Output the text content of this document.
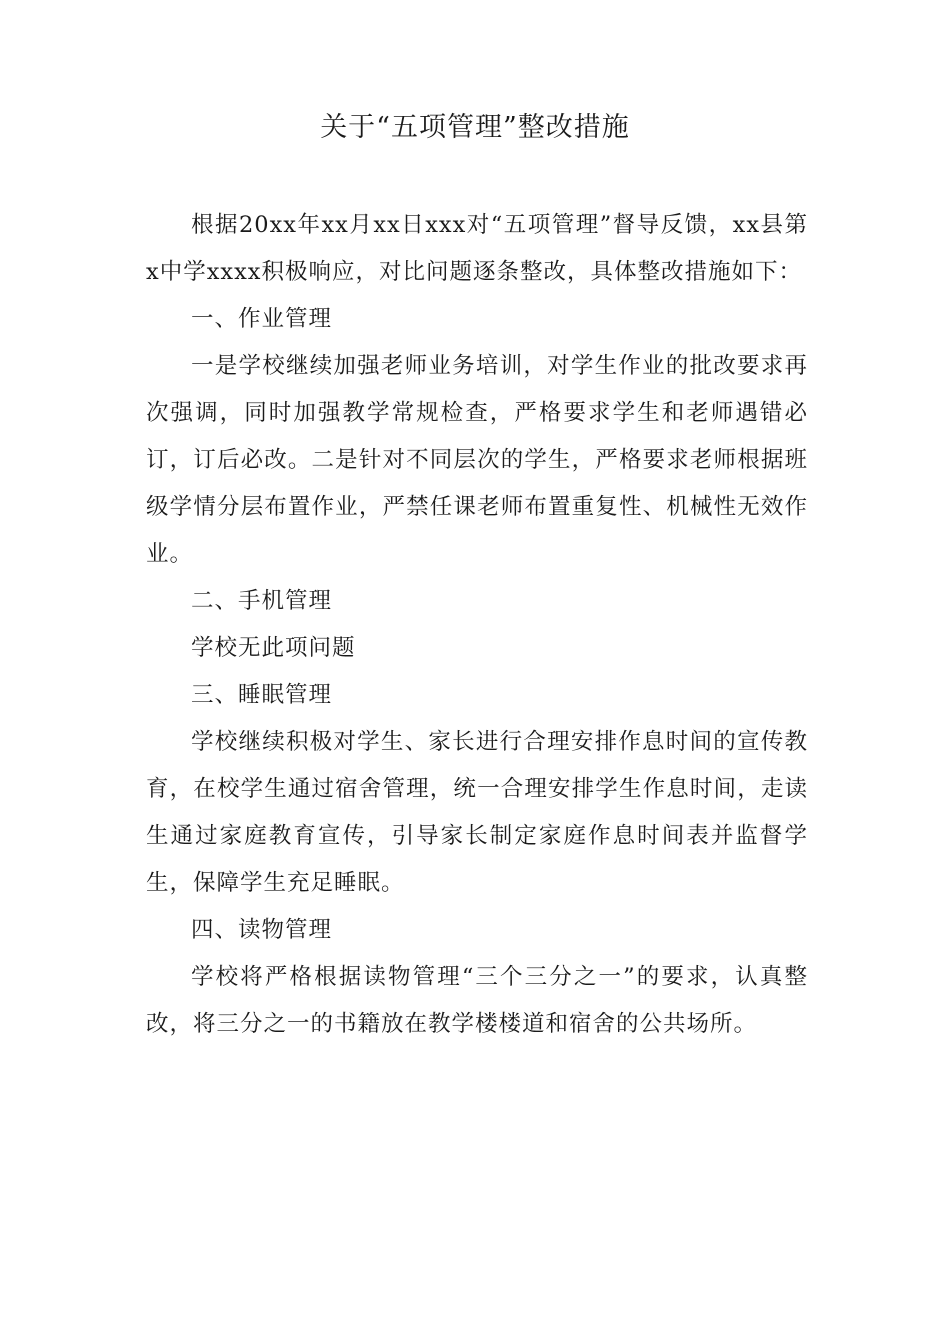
关于“五项管理”整改措施

根据20xx年xx月xx日xxx对“五项管理”督导反馈，xx县第x中学xxxx积极响应，对比问题逐条整改，具体整改措施如下：

一、作业管理

一是学校继续加强老师业务培训，对学生作业的批改要求再次强调，同时加强教学常规检查，严格要求学生和老师遇错必订，订后必改。二是针对不同层次的学生，严格要求老师根据班级学情分层布置作业，严禁任课老师布置重复性、机械性无效作业。

二、手机管理

学校无此项问题

三、睡眠管理

学校继续积极对学生、家长进行合理安排作息时间的宣传教育，在校学生通过宿舍管理，统一合理安排学生作息时间，走读生通过家庭教育宣传，引导家长制定家庭作息时间表并监督学生，保障学生充足睡眠。

四、读物管理

学校将严格根据读物管理“三个三分之一”的要求，认真整改，将三分之一的书籍放在教学楼楼道和宿舍的公共场所。
